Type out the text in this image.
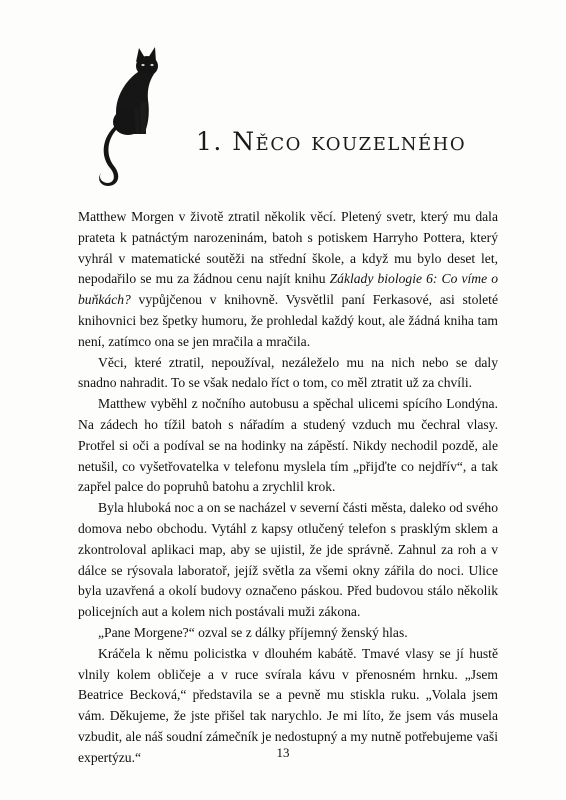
1. Něco kouzelného

Matthew Morgen v životě ztratil několik věcí. Pletený svetr, který mu dala prateta k patnáctým narozeninám, batoh s potiskem Harryho Pottera, který vyhrál v matematické soutěži na střední škole, a když mu bylo deset let, nepodařilo se mu za žádnou cenu najít knihu Základy biologie 6: Co víme o buňkách? vypůjčenou v knihovně. Vysvětlil paní Ferkasové, asi stoleté knihovnici bez špetky humoru, že prohledal každý kout, ale žádná kniha tam není, zatímco ona se jen mračila a mračila.

Věci, které ztratil, nepoužíval, nezáleželo mu na nich nebo se daly snadno nahradit. To se však nedalo říct o tom, co měl ztratit už za chvíli.

Matthew vyběhl z nočního autobusu a spěchal ulicemi spícího Londýna. Na zádech ho tížil batoh s nářadím a studený vzduch mu čechral vlasy. Protřel si oči a podíval se na hodinky na zápěstí. Nikdy nechodil pozdě, ale netušil, co vyšetřovatelka v telefonu myslela tím „přijďte co nejdřív“, a tak zapřel palce do popruhů batohu a zrychlil krok.

Byla hluboká noc a on se nacházel v severní části města, daleko od svého domova nebo obchodu. Vytáhl z kapsy otlučený telefon s prasklým sklem a zkontroloval aplikaci map, aby se ujistil, že jde správně. Zahnul za roh a v dálce se rýsovala laboratoř, jejíž světla za všemi okny zářila do noci. Ulice byla uzavřená a okolí budovy označeno páskou. Před budovou stálo několik policejních aut a kolem nich postávali muži zákona.

„Pane Morgene?“ ozval se z dálky příjemný ženský hlas.

Kráčela k němu policistka v dlouhém kabátě. Tmavé vlasy se jí hustě vlnily kolem obličeje a v ruce svírala kávu v přenosném hrnku. „Jsem Beatrice Becková,“ představila se a pevně mu stiskla ruku. „Volala jsem vám. Děkujeme, že jste přišel tak narychlo. Je mi líto, že jsem vás musela vzbudit, ale náš soudní zámečník je nedostupný a my nutně potřebujeme vaši expertýzu.“	13
